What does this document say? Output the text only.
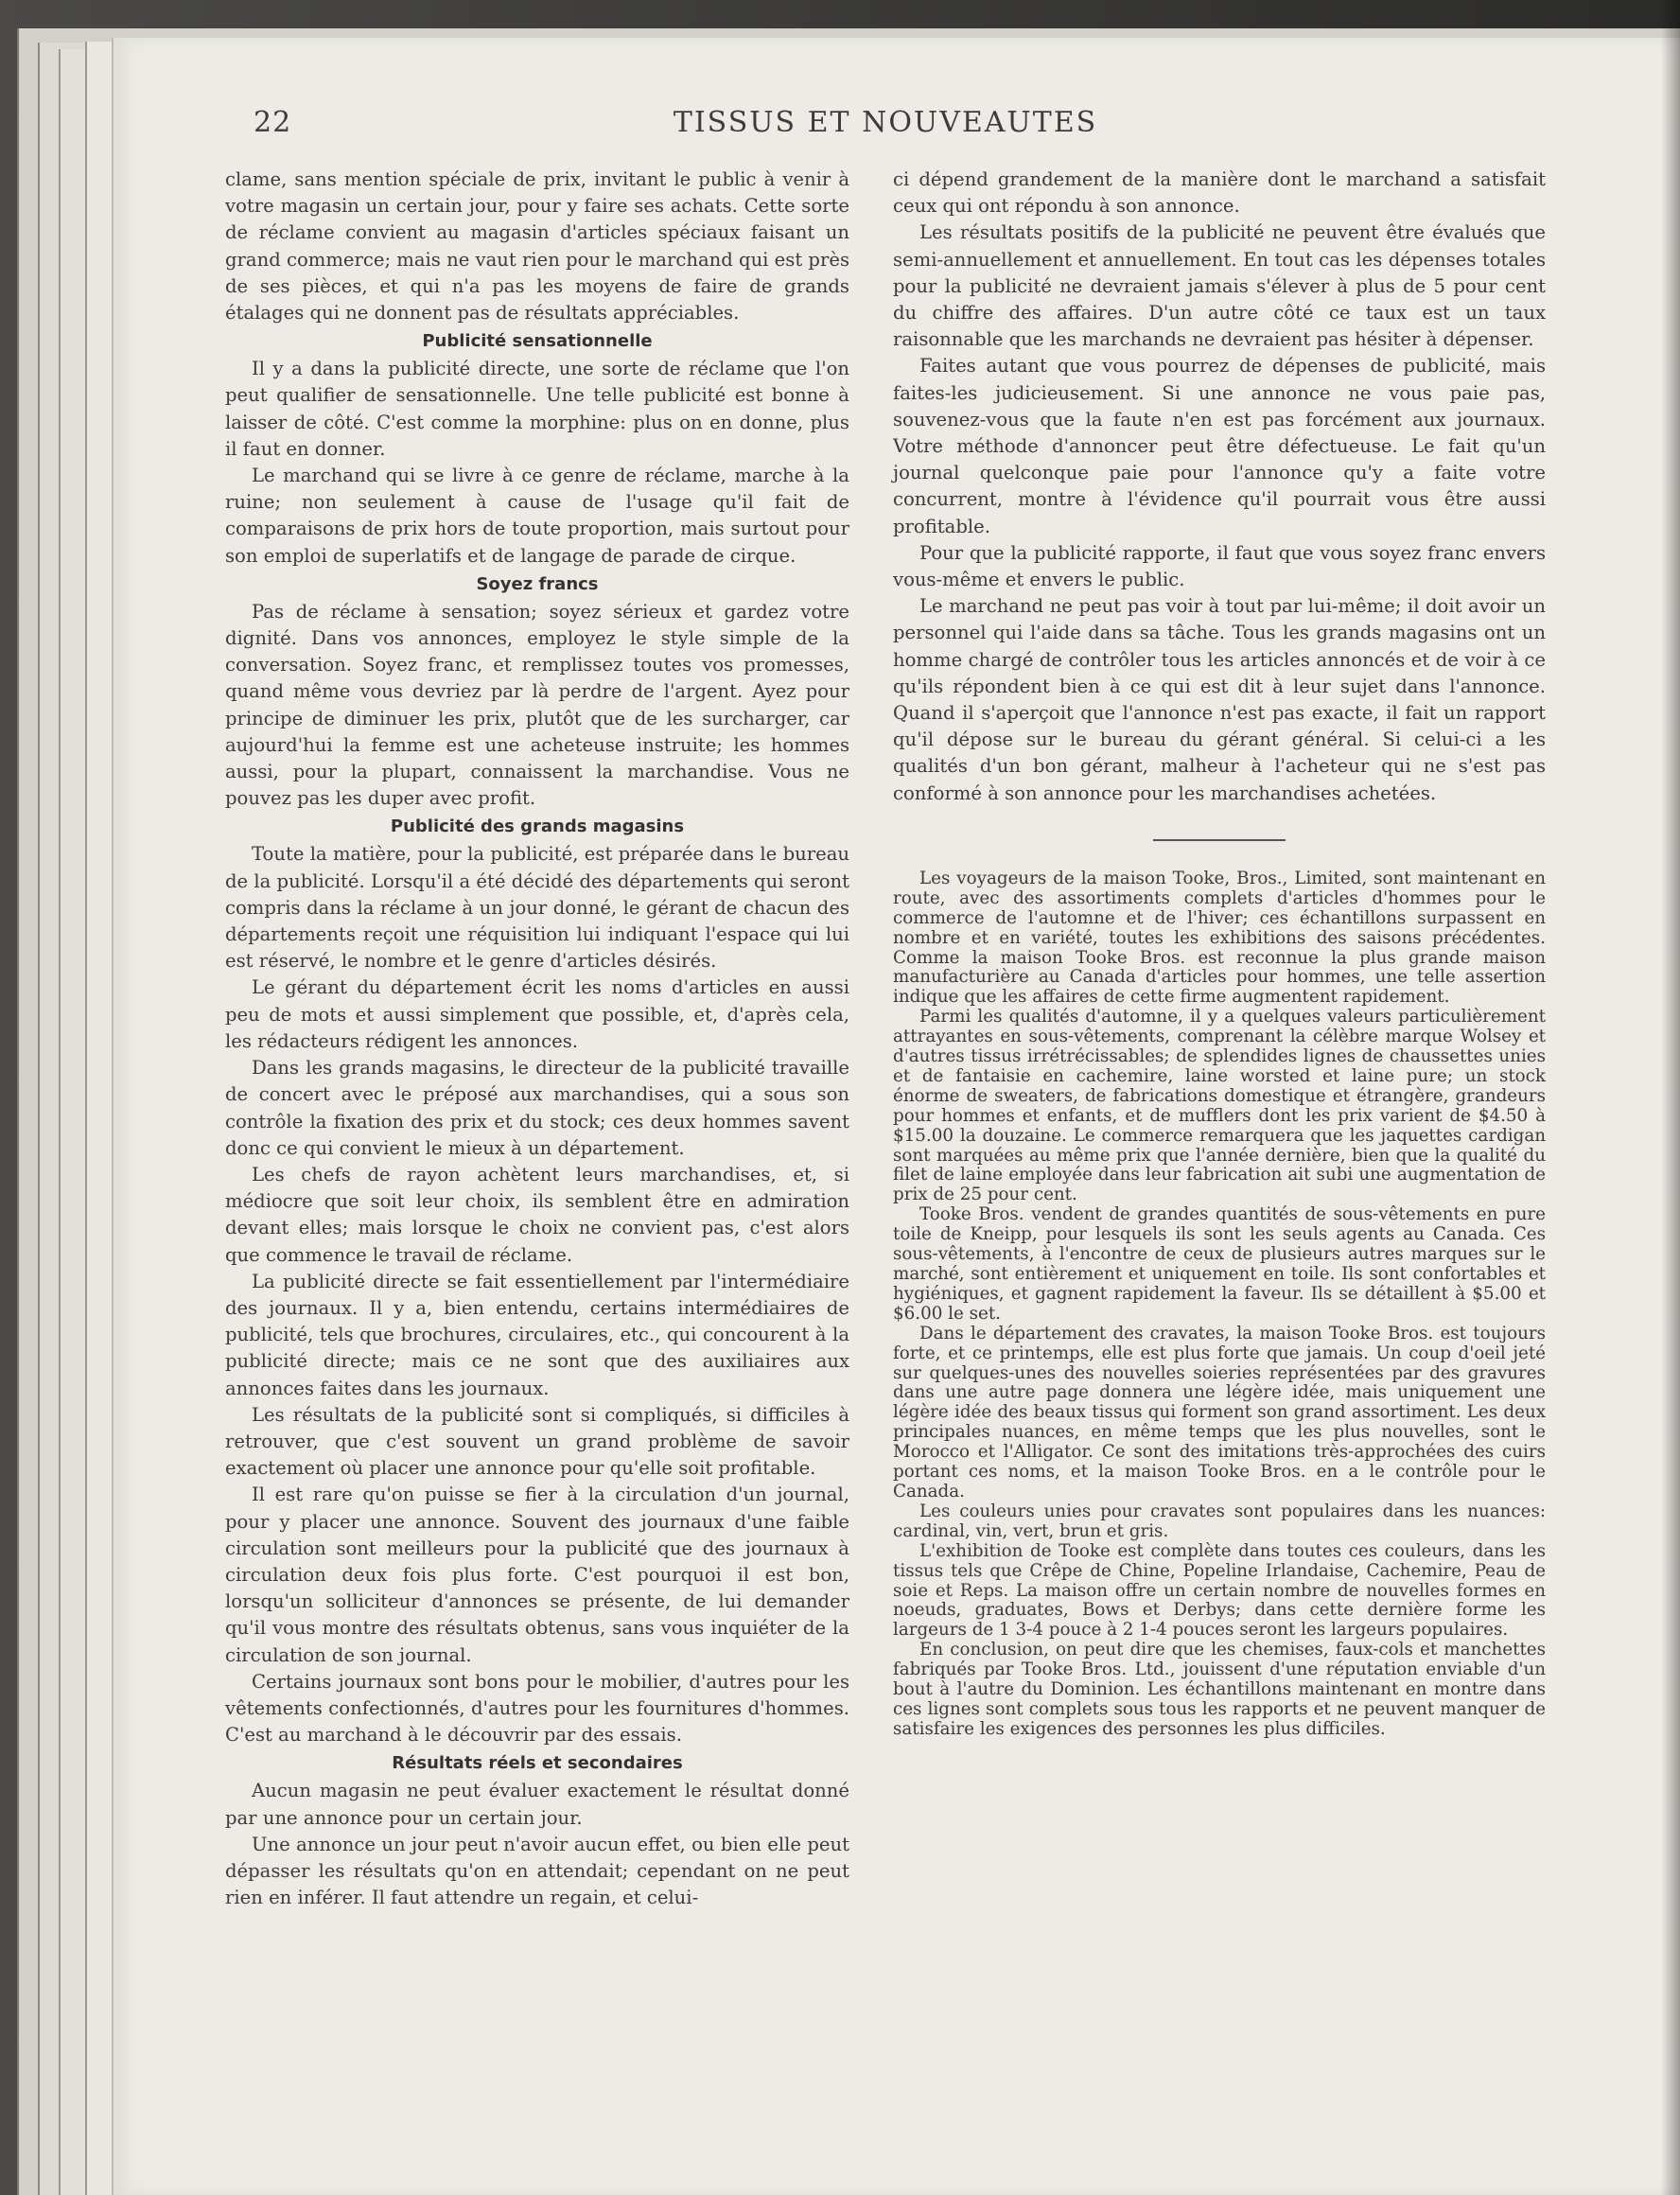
22	TISSUS ET NOUVEAUTES

clame, sans mention spéciale de prix, invitant le public à venir à votre magasin un certain jour, pour y faire ses achats. Cette sorte de réclame convient au magasin d'articles spéciaux faisant un grand commerce; mais ne vaut rien pour le marchand qui est près de ses pièces, et qui n'a pas les moyens de faire de grands étalages qui ne donnent pas de résultats appréciables.

Publicité sensationnelle

Il y a dans la publicité directe, une sorte de réclame que l'on peut qualifier de sensationnelle. Une telle publicité est bonne à laisser de côté. C'est comme la morphine: plus on en donne, plus il faut en donner.

Le marchand qui se livre à ce genre de réclame, marche à la ruine; non seulement à cause de l'usage qu'il fait de comparaisons de prix hors de toute proportion, mais surtout pour son emploi de superlatifs et de langage de parade de cirque.

Soyez francs

Pas de réclame à sensation; soyez sérieux et gardez votre dignité. Dans vos annonces, employez le style simple de la conversation. Soyez franc, et remplissez toutes vos promesses, quand même vous devriez par là perdre de l'argent. Ayez pour principe de diminuer les prix, plutôt que de les surcharger, car aujourd'hui la femme est une acheteuse instruite; les hommes aussi, pour la plupart, connaissent la marchandise. Vous ne pouvez pas les duper avec profit.

Publicité des grands magasins

Toute la matière, pour la publicité, est préparée dans le bureau de la publicité. Lorsqu'il a été décidé des départements qui seront compris dans la réclame à un jour donné, le gérant de chacun des départements reçoit une réquisition lui indiquant l'espace qui lui est réservé, le nombre et le genre d'articles désirés.

Le gérant du département écrit les noms d'articles en aussi peu de mots et aussi simplement que possible, et, d'après cela, les rédacteurs rédigent les annonces.

Dans les grands magasins, le directeur de la publicité travaille de concert avec le préposé aux marchandises, qui a sous son contrôle la fixation des prix et du stock; ces deux hommes savent donc ce qui convient le mieux à un département.

Les chefs de rayon achètent leurs marchandises, et, si médiocre que soit leur choix, ils semblent être en admiration devant elles; mais lorsque le choix ne convient pas, c'est alors que commence le travail de réclame.

La publicité directe se fait essentiellement par l'intermédiaire des journaux. Il y a, bien entendu, certains intermédiaires de publicité, tels que brochures, circulaires, etc., qui concourent à la publicité directe; mais ce ne sont que des auxiliaires aux annonces faites dans les journaux.

Les résultats de la publicité sont si compliqués, si difficiles à retrouver, que c'est souvent un grand problème de savoir exactement où placer une annonce pour qu'elle soit profitable.

Il est rare qu'on puisse se fier à la circulation d'un journal, pour y placer une annonce. Souvent des journaux d'une faible circulation sont meilleurs pour la publicité que des journaux à circulation deux fois plus forte. C'est pourquoi il est bon, lorsqu'un solliciteur d'annonces se présente, de lui demander qu'il vous montre des résultats obtenus, sans vous inquiéter de la circulation de son journal.

Certains journaux sont bons pour le mobilier, d'autres pour les vêtements confectionnés, d'autres pour les fournitures d'hommes. C'est au marchand à le découvrir par des essais.

Résultats réels et secondaires

Aucun magasin ne peut évaluer exactement le résultat donné par une annonce pour un certain jour.

Une annonce un jour peut n'avoir aucun effet, ou bien elle peut dépasser les résultats qu'on en attendait; cependant on ne peut rien en inférer. Il faut attendre un regain, et celui-

ci dépend grandement de la manière dont le marchand a satisfait ceux qui ont répondu à son annonce.

Les résultats positifs de la publicité ne peuvent être évalués que semi-annuellement et annuellement. En tout cas les dépenses totales pour la publicité ne devraient jamais s'élever à plus de 5 pour cent du chiffre des affaires. D'un autre côté ce taux est un taux raisonnable que les marchands ne devraient pas hésiter à dépenser.

Faites autant que vous pourrez de dépenses de publicité, mais faites-les judicieusement. Si une annonce ne vous paie pas, souvenez-vous que la faute n'en est pas forcément aux journaux. Votre méthode d'annoncer peut être défectueuse. Le fait qu'un journal quelconque paie pour l'annonce qu'y a faite votre concurrent, montre à l'évidence qu'il pourrait vous être aussi profitable.

Pour que la publicité rapporte, il faut que vous soyez franc envers vous-même et envers le public.

Le marchand ne peut pas voir à tout par lui-même; il doit avoir un personnel qui l'aide dans sa tâche. Tous les grands magasins ont un homme chargé de contrôler tous les articles annoncés et de voir à ce qu'ils répondent bien à ce qui est dit à leur sujet dans l'annonce. Quand il s'aperçoit que l'annonce n'est pas exacte, il fait un rapport qu'il dépose sur le bureau du gérant général. Si celui-ci a les qualités d'un bon gérant, malheur à l'acheteur qui ne s'est pas conformé à son annonce pour les marchandises achetées.

Les voyageurs de la maison Tooke, Bros., Limited, sont maintenant en route, avec des assortiments complets d'articles d'hommes pour le commerce de l'automne et de l'hiver; ces échantillons surpassent en nombre et en variété, toutes les exhibitions des saisons précédentes. Comme la maison Tooke Bros. est reconnue la plus grande maison manufacturière au Canada d'articles pour hommes, une telle assertion indique que les affaires de cette firme augmentent rapidement.

Parmi les qualités d'automne, il y a quelques valeurs particulièrement attrayantes en sous-vêtements, comprenant la célèbre marque Wolsey et d'autres tissus irrétrécissables; de splendides lignes de chaussettes unies et de fantaisie en cachemire, laine worsted et laine pure; un stock énorme de sweaters, de fabrications domestique et étrangère, grandeurs pour hommes et enfants, et de mufflers dont les prix varient de $4.50 à $15.00 la douzaine. Le commerce remarquera que les jaquettes cardigan sont marquées au même prix que l'année dernière, bien que la qualité du filet de laine employée dans leur fabrication ait subi une augmentation de prix de 25 pour cent.

Tooke Bros. vendent de grandes quantités de sous-vêtements en pure toile de Kneipp, pour lesquels ils sont les seuls agents au Canada. Ces sous-vêtements, à l'encontre de ceux de plusieurs autres marques sur le marché, sont entièrement et uniquement en toile. Ils sont confortables et hygiéniques, et gagnent rapidement la faveur. Ils se détaillent à $5.00 et $6.00 le set.

Dans le département des cravates, la maison Tooke Bros. est toujours forte, et ce printemps, elle est plus forte que jamais. Un coup d'oeil jeté sur quelques-unes des nouvelles soieries représentées par des gravures dans une autre page donnera une légère idée, mais uniquement une légère idée des beaux tissus qui forment son grand assortiment. Les deux principales nuances, en même temps que les plus nouvelles, sont le Morocco et l'Alligator. Ce sont des imitations très-approchées des cuirs portant ces noms, et la maison Tooke Bros. en a le contrôle pour le Canada.

Les couleurs unies pour cravates sont populaires dans les nuances: cardinal, vin, vert, brun et gris.

L'exhibition de Tooke est complète dans toutes ces couleurs, dans les tissus tels que Crêpe de Chine, Popeline Irlandaise, Cachemire, Peau de soie et Reps. La maison offre un certain nombre de nouvelles formes en noeuds, graduates, Bows et Derbys; dans cette dernière forme les largeurs de 1 3-4 pouce à 2 1-4 pouces seront les largeurs populaires.

En conclusion, on peut dire que les chemises, faux-cols et manchettes fabriqués par Tooke Bros. Ltd., jouissent d'une réputation enviable d'un bout à l'autre du Dominion. Les échantillons maintenant en montre dans ces lignes sont complets sous tous les rapports et ne peuvent manquer de satisfaire les exigences des personnes les plus difficiles.
